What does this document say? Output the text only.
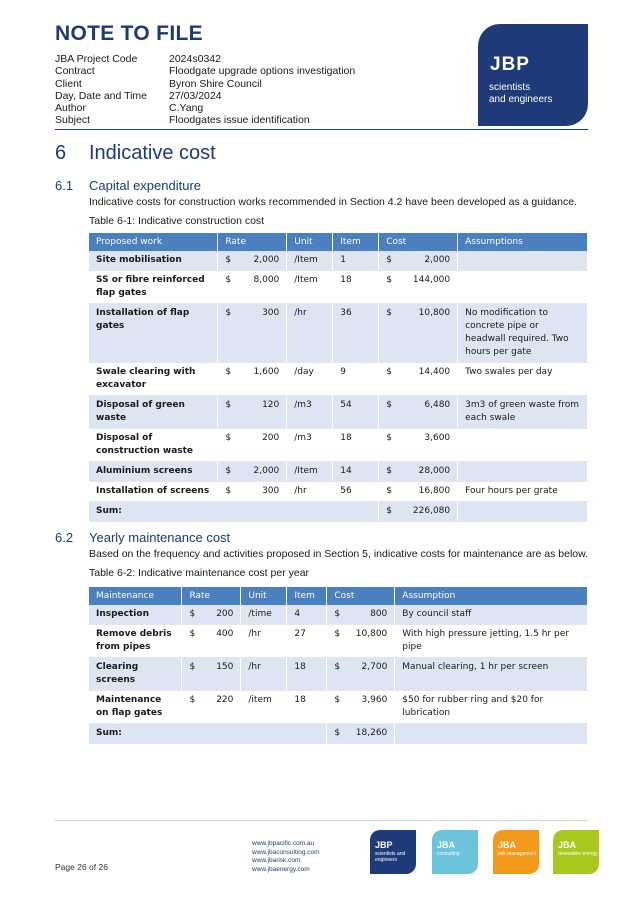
NOTE TO FILE
JBA Project Code	2024s0342
Contract	Floodgate upgrade options investigation
Client	Byron Shire Council
Day, Date and Time	27/03/2024
Author	C.Yang
Subject	Floodgates issue identification
JBP
scientists
and engineers
6 Indicative cost
6.1 Capital expenditure
Indicative costs for construction works recommended in Section 4.2 have been developed as a guidance.
Table 6-1: Indicative construction cost
Proposed work	Rate	Unit	Item	Cost	Assumptions
Site mobilisation	$ 2,000	/Item	1	$ 2,000	

SS or fibre reinforced flap gates	$ 8,000	/Item	18	$ 144,000	

Installation of flap gates	$ 300	/hr	36	$ 10,800	No modification to concrete pipe or headwall required. Two hours per gate
Swale clearing with excavator	$ 1,600	/day	9	$ 14,400	Two swales per day
Disposal of green waste	$ 120	/m3	54	$ 6,480	3m3 of green waste from each swale
Disposal of construction waste	$ 200	/m3	18	$ 3,600	

Aluminium screens	$ 2,000	/Item	14	$ 28,000	

Installation of screens	$ 300	/hr	56	$ 16,800	Four hours per grate
Sum:				$ 226,080	

6.2 Yearly maintenance cost
Based on the frequency and activities proposed in Section 5, indicative costs for maintenance are as below.
Table 6-2: Indicative maintenance cost per year
Maintenance	Rate	Unit	Item	Cost	Assumption
Inspection	$ 200	/time	4	$ 800	By council staff
Remove debris from pipes	$ 400	/hr	27	$ 10,800	With high pressure jetting, 1.5 hr per pipe
Clearing screens	$ 150	/hr	18	$ 2,700	Manual clearing, 1 hr per screen
Maintenance on flap gates	$ 220	/item	18	$ 3,960	$50 for rubber ring and $20 for lubrication
Sum:				$ 18,260	

Page 26 of 26
www.jbpacific.com.au
www.jbaconsulting.com
www.jbarisk.com
www.jbaenergy.com
JBP
scientists and engineers
JBA
consulting
JBA
risk management
JBA
renewable energy
